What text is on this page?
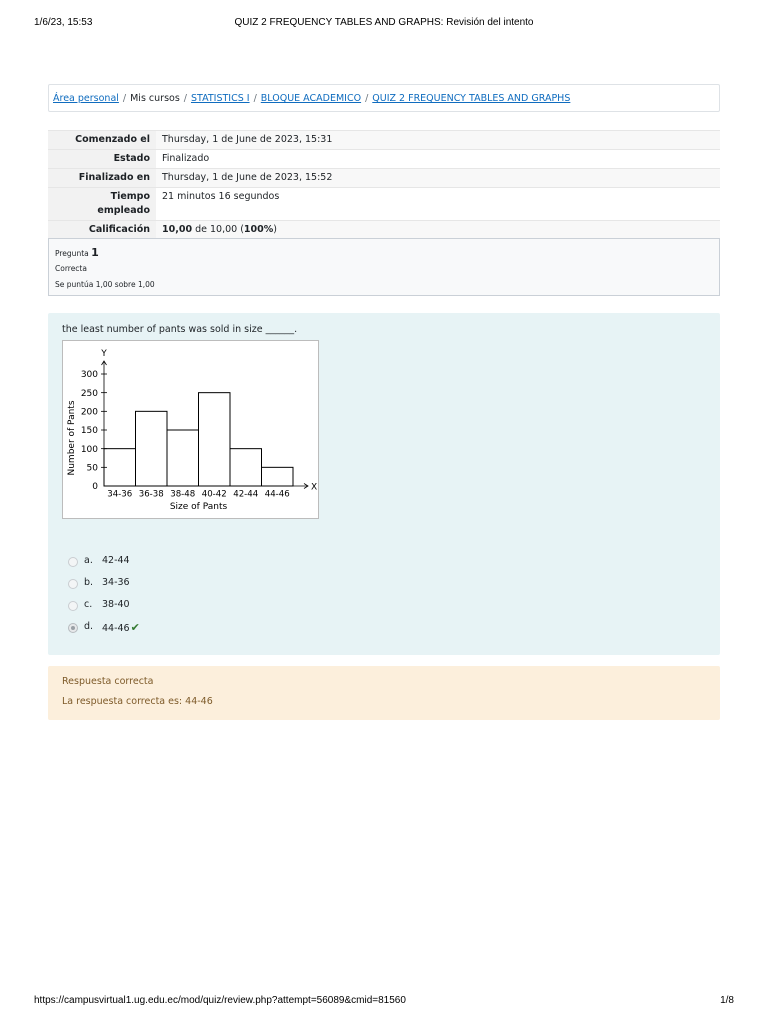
1/6/23, 15:53	QUIZ 2 FREQUENCY TABLES AND GRAPHS: Revisión del intento
Área personal / Mis cursos / STATISTICS I / BLOQUE ACADEMICO / QUIZ 2 FREQUENCY TABLES AND GRAPHS
Comenzado el	Thursday, 1 de June de 2023, 15:31
Estado	Finalizado
Finalizado en	Thursday, 1 de June de 2023, 15:52
Tiempo
empleado	21 minutos 16 segundos
Calificación	10,00 de 10,00 (100%)
Pregunta 1
Correcta
Se puntúa 1,00 sobre 1,00
the least number of pants was sold in size ______.
X
Y
0
50
100
150
200
250
300
34-36 36-38 38-48 40-42 42-44 44-46
Size of Pants
Number of Pants
a. 42-44
b. 34-36
c. 38-40
d. 44-46✔
Respuesta correcta
La respuesta correcta es: 44-46
https://campusvirtual1.ug.edu.ec/mod/quiz/review.php?attempt=56089&cmid=81560	1/8
